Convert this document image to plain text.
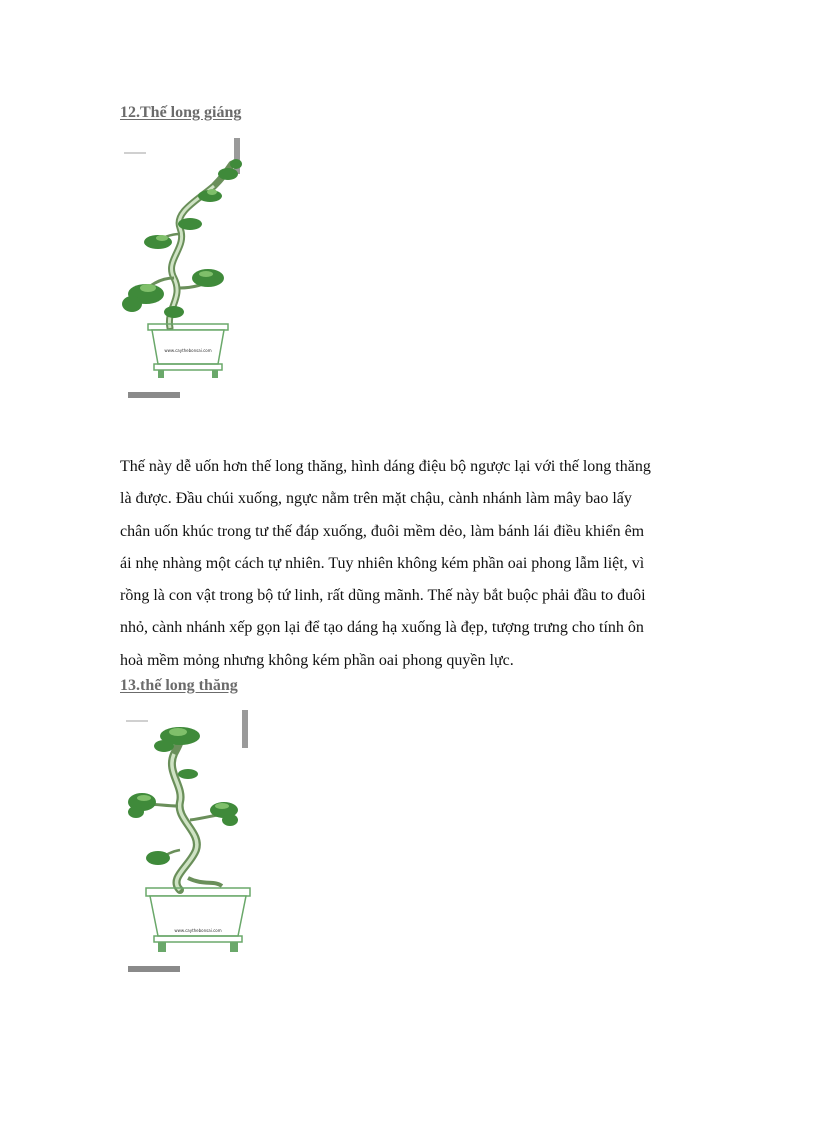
12.Thế long giáng
www.caythebonsai.com

Thế này dễ uốn hơn thế long thăng, hình dáng điệu bộ ngược lại với thế long thăng
là được. Đầu chúi xuống, ngực nằm trên mặt chậu, cành nhánh làm mây bao lấy
chân uốn khúc trong tư thế đáp xuống, đuôi mềm dẻo, làm bánh lái điều khiển êm
ái nhẹ nhàng một cách tự nhiên. Tuy nhiên không kém phần oai phong lẫm liệt, vì
rồng là con vật trong bộ tứ linh, rất dũng mãnh. Thế này bắt buộc phải đầu to đuôi
nhỏ, cành nhánh xếp gọn lại để tạo dáng hạ xuống là đẹp, tượng trưng cho tính ôn
hoà mềm mỏng nhưng không kém phần oai phong quyền lực.

13.thế long thăng
www.caythebonsai.com
